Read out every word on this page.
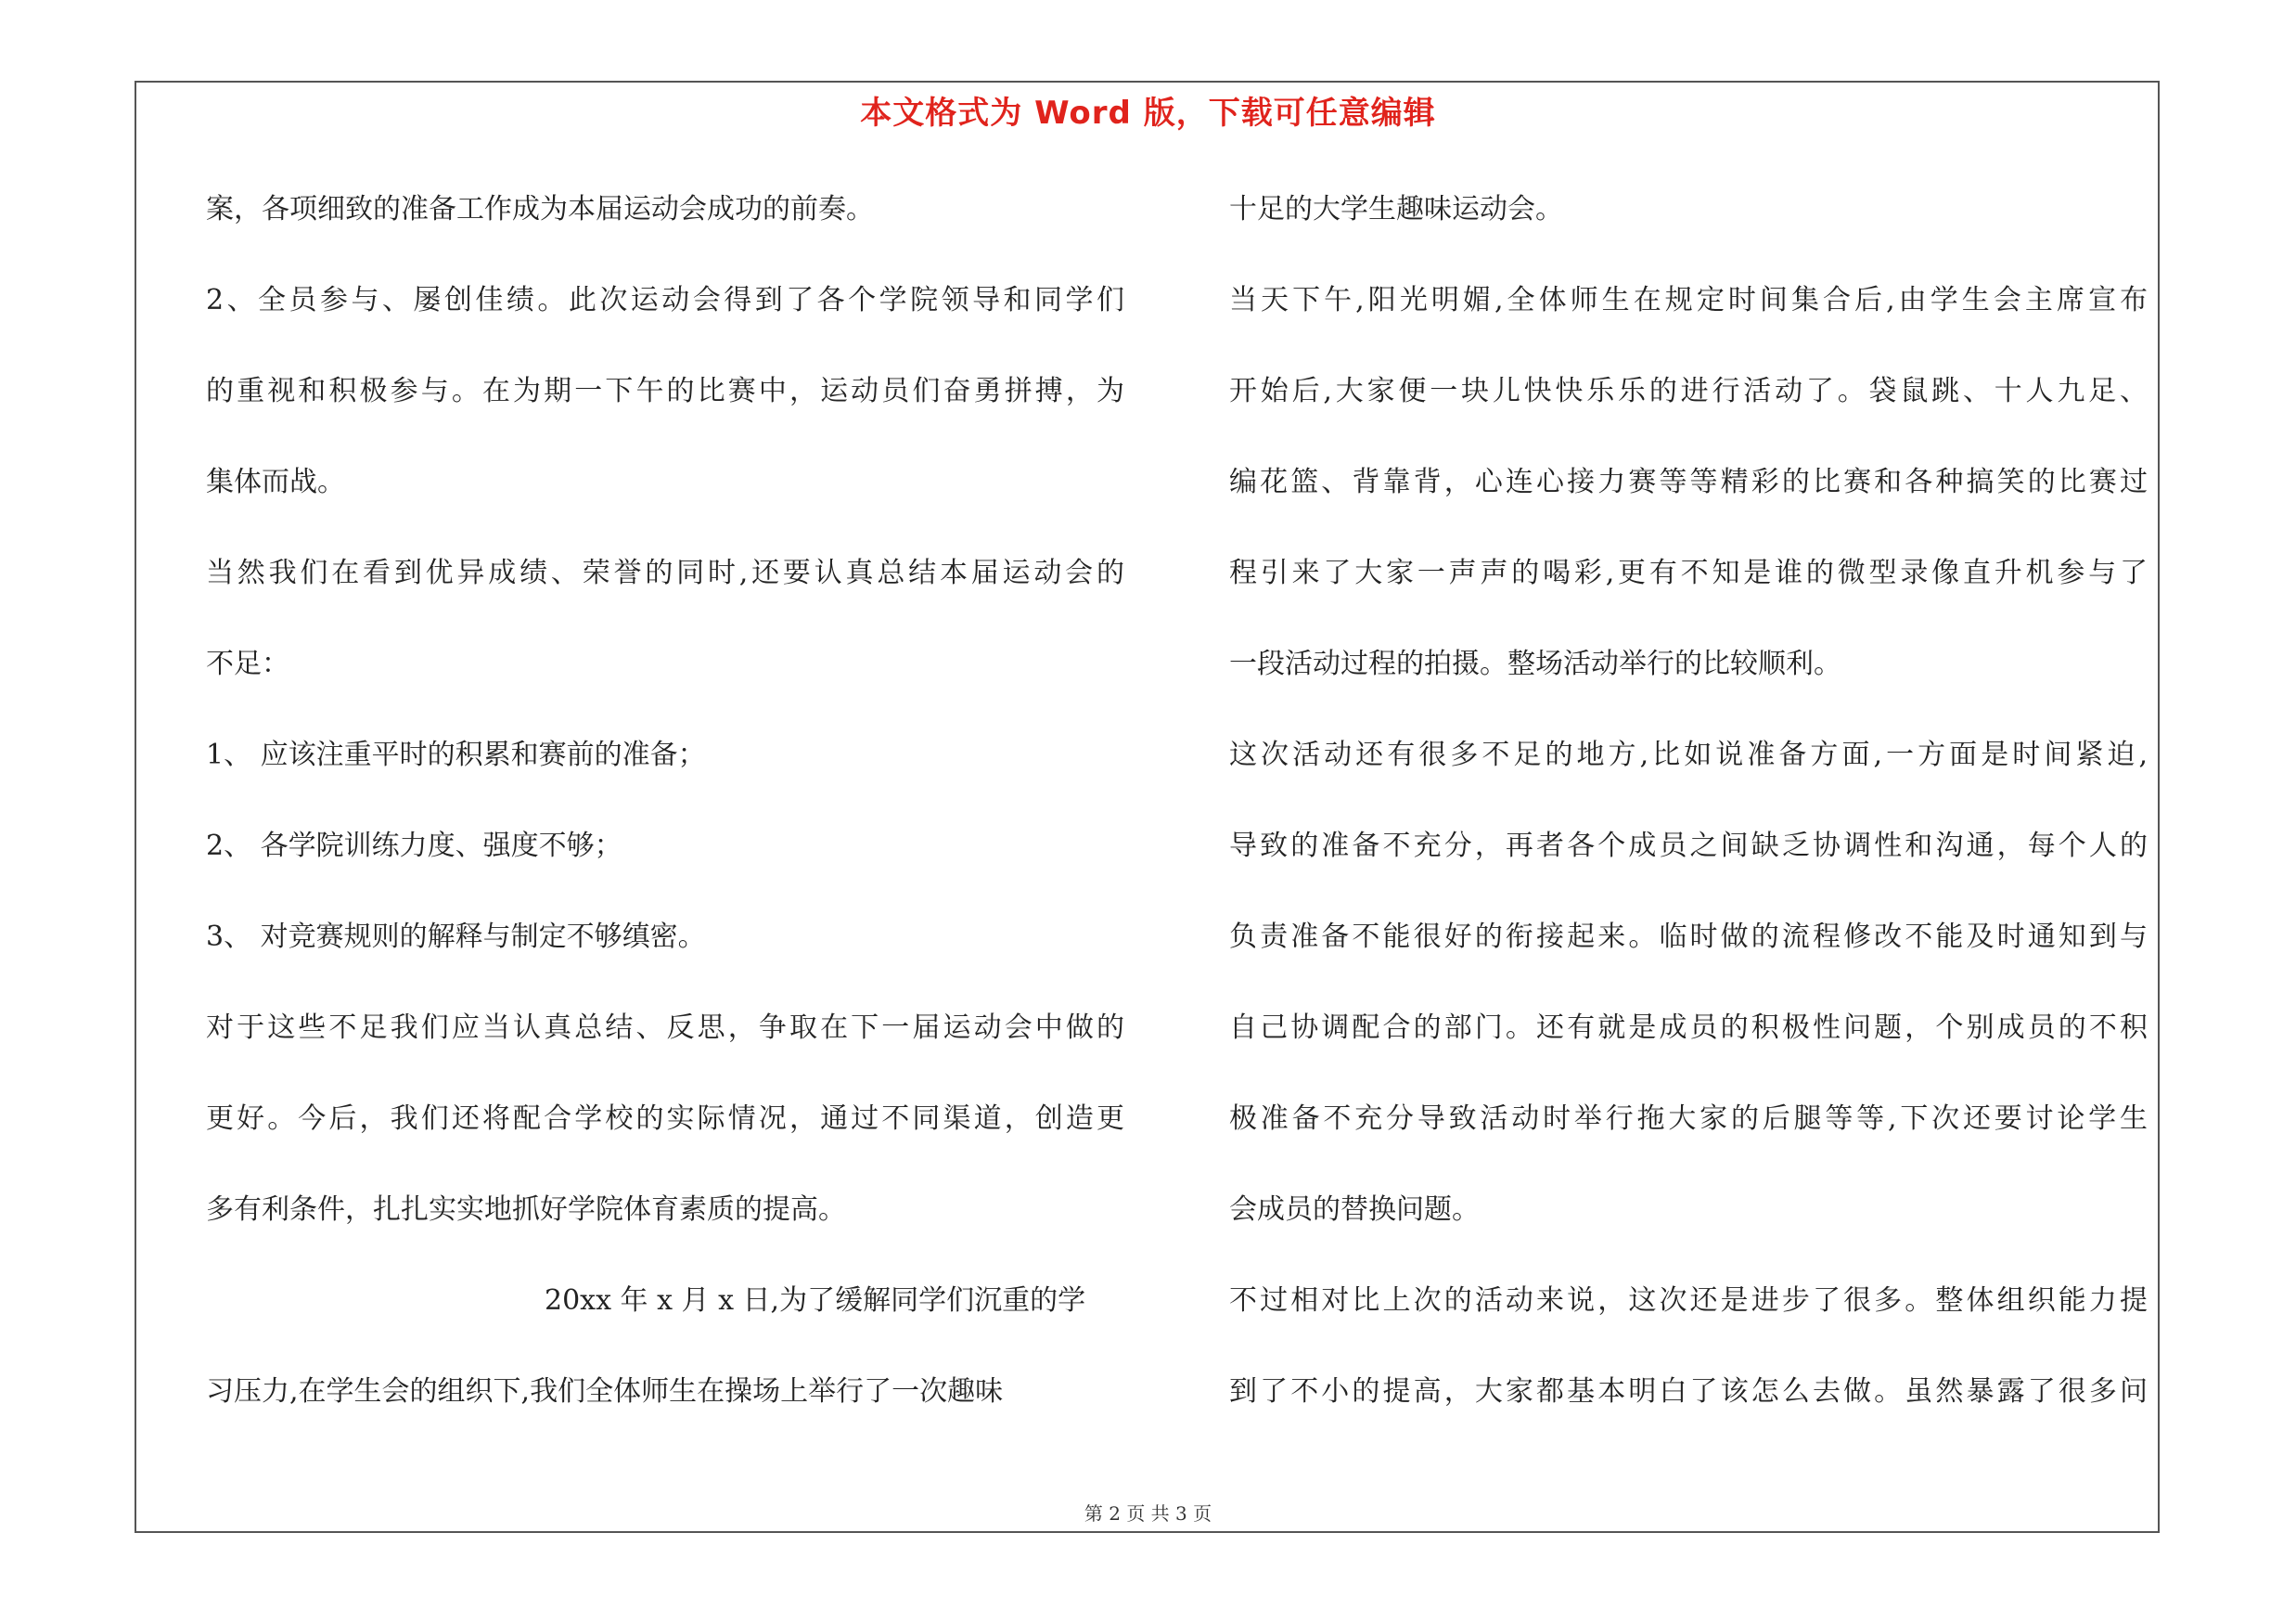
本文格式为 Word 版，下载可任意编辑
案，各项细致的准备工作成为本届运动会成功的前奏。
2、全员参与、屡创佳绩。此次运动会得到了各个学院领导和同学们
的重视和积极参与。在为期一下午的比赛中，运动员们奋勇拼搏，为
集体而战。
当然我们在看到优异成绩、荣誉的同时,还要认真总结本届运动会的
不足：
1、 应该注重平时的积累和赛前的准备；
2、 各学院训练力度、强度不够；
3、 对竞赛规则的解释与制定不够缜密。
对于这些不足我们应当认真总结、反思，争取在下一届运动会中做的
更好。今后，我们还将配合学校的实际情况，通过不同渠道，创造更
多有利条件，扎扎实实地抓好学院体育素质的提高。
20xx 年 x 月 x 日,为了缓解同学们沉重的学
习压力,在学生会的组织下,我们全体师生在操场上举行了一次趣味
十足的大学生趣味运动会。
当天下午,阳光明媚,全体师生在规定时间集合后,由学生会主席宣布
开始后,大家便一块儿快快乐乐的进行活动了。袋鼠跳、十人九足、
编花篮、背靠背，心连心接力赛等等精彩的比赛和各种搞笑的比赛过
程引来了大家一声声的喝彩,更有不知是谁的微型录像直升机参与了
一段活动过程的拍摄。整场活动举行的比较顺利。
这次活动还有很多不足的地方,比如说准备方面,一方面是时间紧迫,
导致的准备不充分，再者各个成员之间缺乏协调性和沟通，每个人的
负责准备不能很好的衔接起来。临时做的流程修改不能及时通知到与
自己协调配合的部门。还有就是成员的积极性问题，个别成员的不积
极准备不充分导致活动时举行拖大家的后腿等等,下次还要讨论学生
会成员的替换问题。
不过相对比上次的活动来说，这次还是进步了很多。整体组织能力提
到了不小的提高，大家都基本明白了该怎么去做。虽然暴露了很多问
第 2 页 共 3 页
